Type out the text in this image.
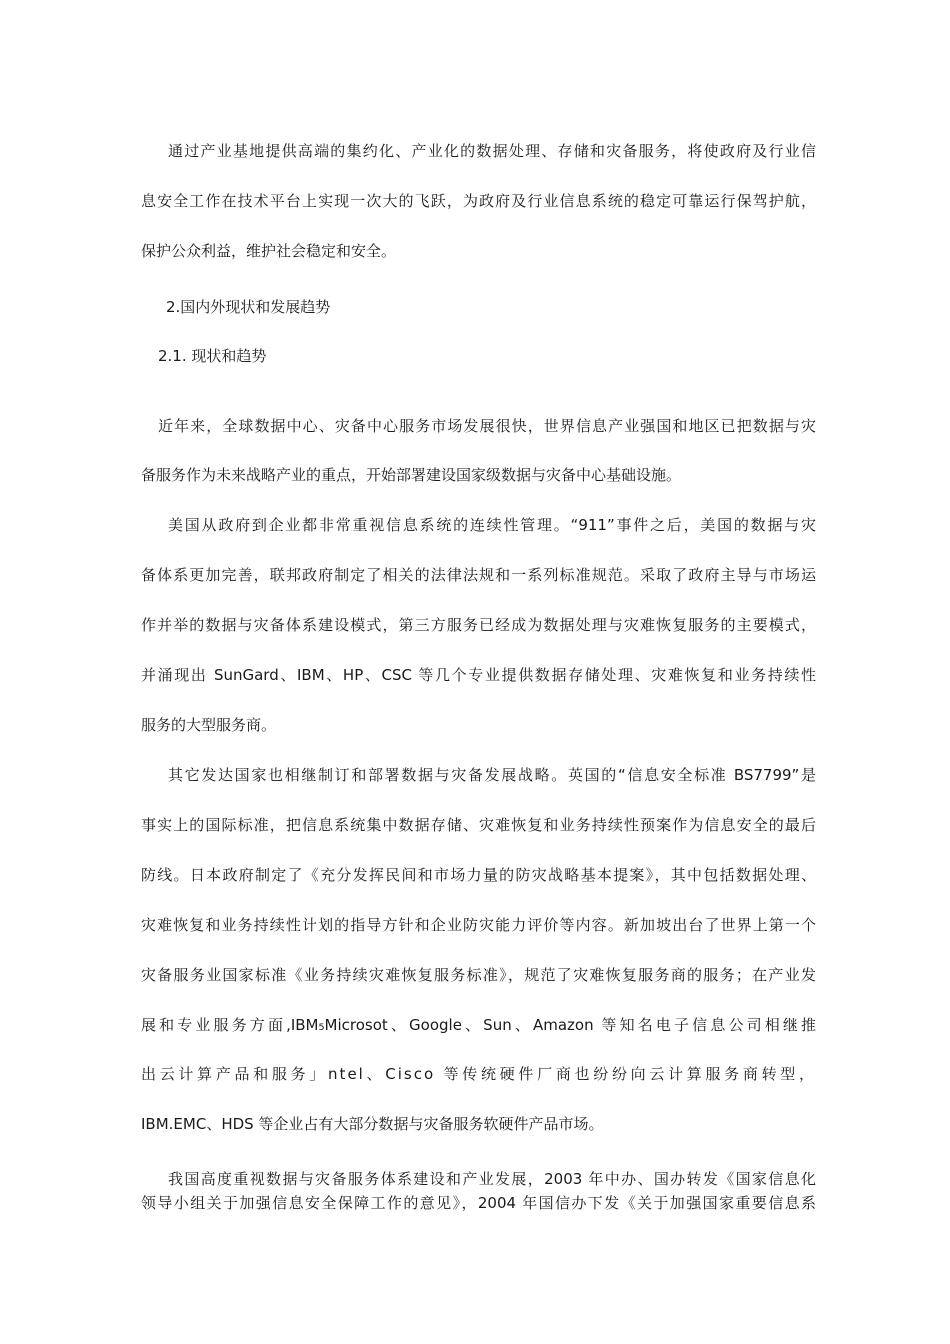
通过产业基地提供高端的集约化、产业化的数据处理、存储和灾备服务，将使政府及行业信
息安全工作在技术平台上实现一次大的飞跃，为政府及行业信息系统的稳定可靠运行保驾护航，
保护公众利益，维护社会稳定和安全。
2.国内外现状和发展趋势
2.1. 现状和趋势
近年来，全球数据中心、灾备中心服务市场发展很快，世界信息产业强国和地区已把数据与灾
备服务作为未来战略产业的重点，开始部署建设国家级数据与灾备中心基础设施。
美国从政府到企业都非常重视信息系统的连续性管理。“911”事件之后，美国的数据与灾
备体系更加完善，联邦政府制定了相关的法律法规和一系列标准规范。采取了政府主导与市场运
作并举的数据与灾备体系建设模式，第三方服务已经成为数据处理与灾难恢复服务的主要模式，
并涌现出 SunGard、IBM、HP、CSC 等几个专业提供数据存储处理、灾难恢复和业务持续性
服务的大型服务商。
其它发达国家也相继制订和部署数据与灾备发展战略。英国的“信息安全标准 BS7799”是
事实上的国际标准，把信息系统集中数据存储、灾难恢复和业务持续性预案作为信息安全的最后
防线。日本政府制定了《充分发挥民间和市场力量的防灾战略基本提案》，其中包括数据处理、
灾难恢复和业务持续性计划的指导方针和企业防灾能力评价等内容。新加坡出台了世界上第一个
灾备服务业国家标准《业务持续灾难恢复服务标准》，规范了灾难恢复服务商的服务；在产业发
展和专业服务方面,IBM₅Microsot、Google、Sun、Amazon 等知名电子信息公司相继推
出云计算产品和服务」ntel、Cisco 等传统硬件厂商也纷纷向云计算服务商转型，
IBM.EMC、HDS 等企业占有大部分数据与灾备服务软硬件产品市场。
我国高度重视数据与灾备服务体系建设和产业发展，2003 年中办、国办转发《国家信息化
领导小组关于加强信息安全保障工作的意见》，2004 年国信办下发《关于加强国家重要信息系
